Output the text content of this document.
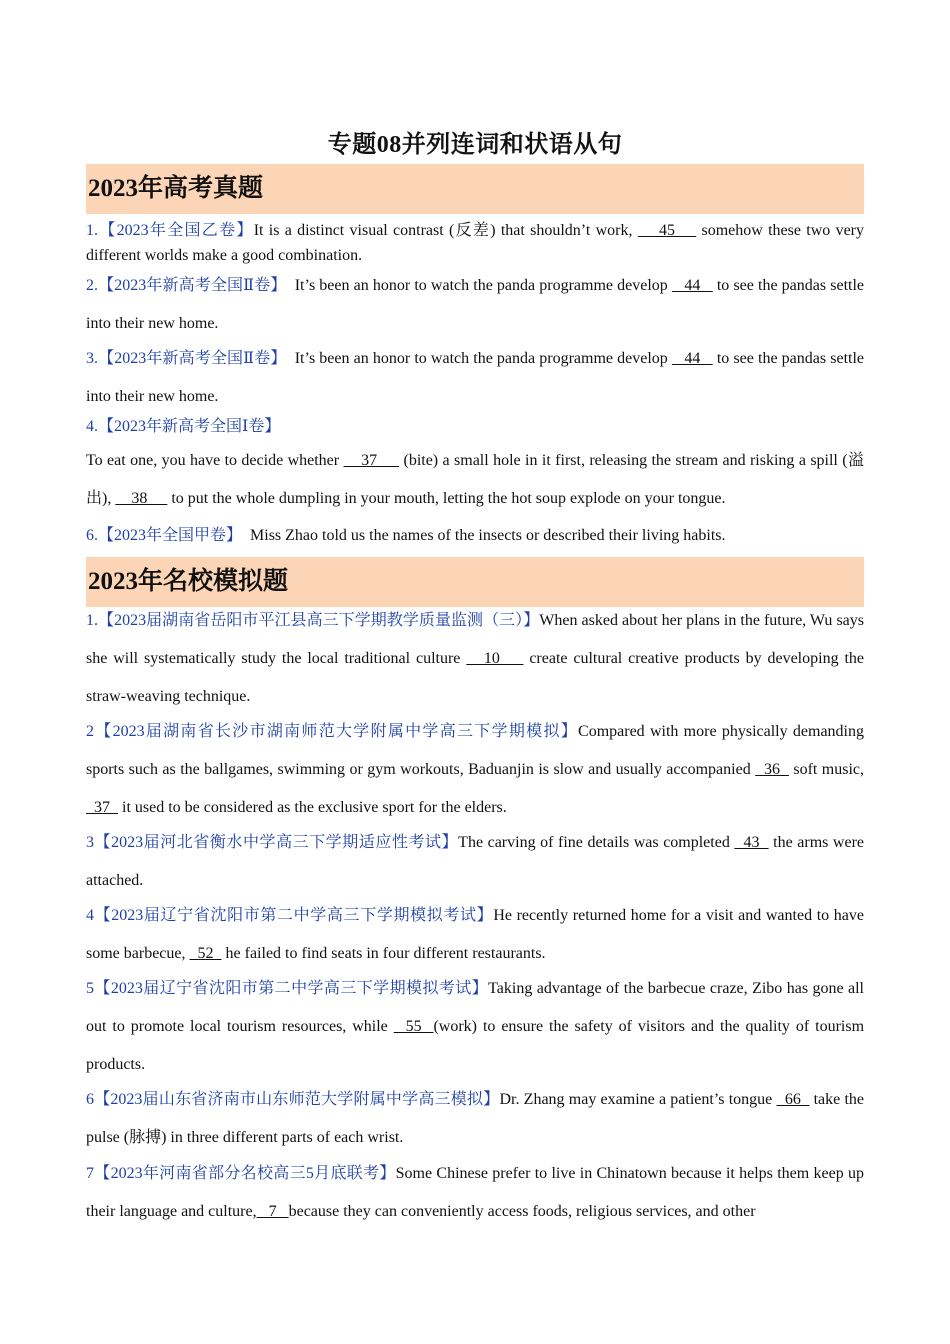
专题08并列连词和状语从句
2023年高考真题
1.【2023年全国乙卷】It is a distinct visual contrast (反差) that shouldn’t work,     45     somehow these two very different worlds make a good combination.
2.【2023年新高考全国Ⅱ卷】  It’s been an honor to watch the panda programme develop    44    to see the pandas settle into their new home.
3.【2023年新高考全国Ⅱ卷】  It’s been an honor to watch the panda programme develop    44    to see the pandas settle into their new home.
4.【2023年新高考全国Ⅰ卷】
To eat one, you have to decide whether     37      (bite) a small hole in it first, releasing the stream and risking a spill (溢出),     38      to put the whole dumpling in your mouth, letting the hot soup explode on your tongue.
6.【2023年全国甲卷】  Miss Zhao told us the names of the insects or described their living habits.
2023年名校模拟题
1.【2023届湖南省岳阳市平江县高三下学期教学质量监测（三）】When asked about her plans in the future, Wu says she will systematically study the local traditional culture    10     create cultural creative products by developing the straw-weaving technique.
2【2023届湖南省长沙市湖南师范大学附属中学高三下学期模拟】Compared with more physically demanding sports such as the ballgames, swimming or gym workouts, Baduanjin is slow and usually accompanied   36   soft music,   37   it used to be considered as the exclusive sport for the elders.
3【2023届河北省衡水中学高三下学期适应性考试】The carving of fine details was completed   43   the arms were attached.
4【2023届辽宁省沈阳市第二中学高三下学期模拟考试】He recently returned home for a visit and wanted to have some barbecue,   52   he failed to find seats in four different restaurants.
5【2023届辽宁省沈阳市第二中学高三下学期模拟考试】Taking advantage of the barbecue craze, Zibo has gone all out to promote local tourism resources, while   55  (work) to ensure the safety of visitors and the quality of tourism products.
6【2023届山东省济南市山东师范大学附属中学高三模拟】Dr. Zhang may examine a patient’s tongue   66   take the pulse (脉搏) in three different parts of each wrist.
7【2023年河南省部分名校高三5月底联考】Some Chinese prefer to live in Chinatown because it helps them keep up their language and culture,   7   because they can conveniently access foods, religious services, and other
